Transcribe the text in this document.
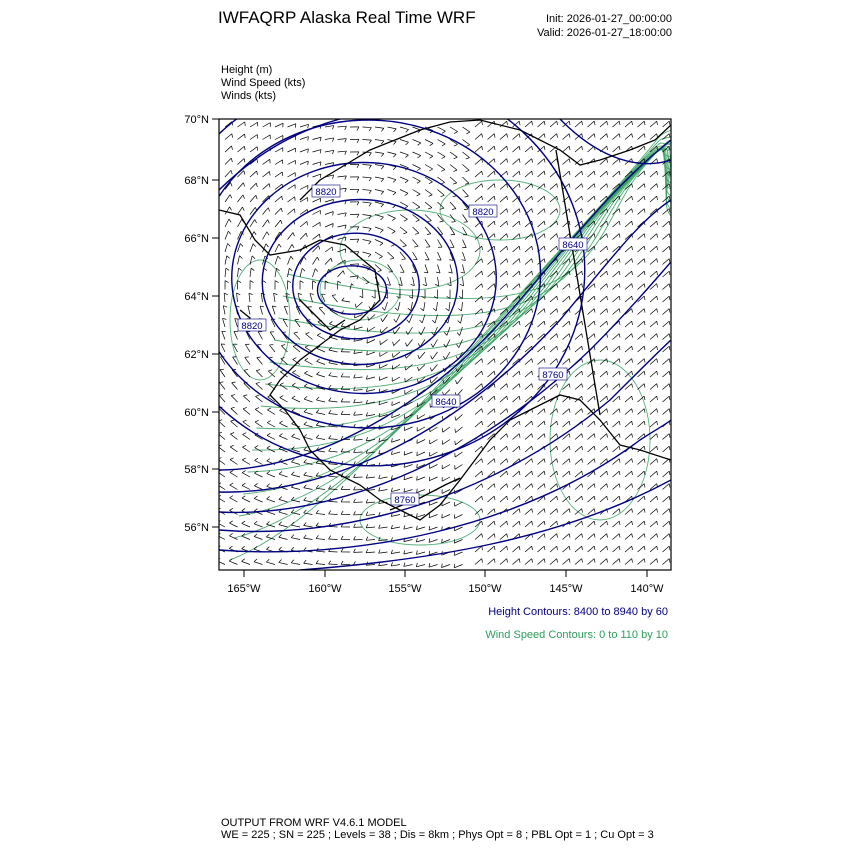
IWFAQRP Alaska Real Time WRF	Init: 2026-01-27_00:00:00
Valid: 2026-01-27_18:00:00
Height (m)
Wind Speed (kts)
Winds (kts)
8820
8820
8820
8640
8760
8640
8760
70°N
68°N
66°N
64°N
62°N
60°N
58°N
56°N
165°W	160°W	155°W	150°W	145°W	140°W
Height Contours: 8400 to 8940 by 60
Wind Speed Contours: 0 to 110 by 10
OUTPUT FROM WRF V4.6.1 MODEL
WE = 225 ; SN = 225 ; Levels = 38 ; Dis = 8km ; Phys Opt = 8 ; PBL Opt = 1 ; Cu Opt = 3
